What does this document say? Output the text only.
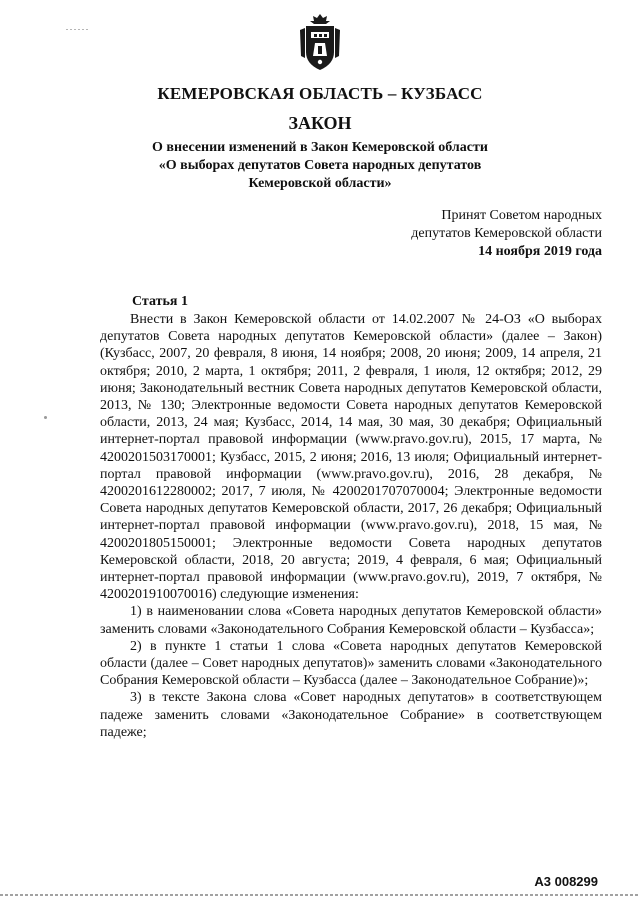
КЕМЕРОВСКАЯ ОБЛАСТЬ – КУЗБАСС
ЗАКОН
О внесении изменений в Закон Кемеровской области
«О выборах депутатов Совета народных депутатов
Кемеровской области»
Принят Советом народных
депутатов Кемеровской области
14 ноября 2019 года
Статья 1

Внести в Закон Кемеровской области от 14.02.2007 № 24-ОЗ «О выборах депутатов Совета народных депутатов Кемеровской области» (далее – Закон) (Кузбасс, 2007, 20 февраля, 8 июня, 14 ноября; 2008, 20 июня; 2009, 14 апреля, 21 октября; 2010, 2 марта, 1 октября; 2011, 2 февраля, 1 июля, 12 октября; 2012, 29 июня; Законодательный вестник Совета народных депутатов Кемеровской области, 2013, № 130; Электронные ведомости Совета народных депутатов Кемеровской области, 2013, 24 мая; Кузбасс, 2014, 14 мая, 30 мая, 30 декабря; Официальный интернет-портал правовой информации (www.pravo.gov.ru), 2015, 17 марта, № 4200201503170001; Кузбасс, 2015, 2 июня; 2016, 13 июля; Официальный интернет-портал правовой информации (www.pravo.gov.ru), 2016, 28 декабря, № 4200201612280002; 2017, 7 июля, № 4200201707070004; Электронные ведомости Совета народных депутатов Кемеровской области, 2017, 26 декабря; Официальный интернет-портал правовой информации (www.pravo.gov.ru), 2018, 15 мая, № 4200201805150001; Электронные ведомости Совета народных депутатов Кемеровской области, 2018, 20 августа; 2019, 4 февраля, 6 мая; Официальный интернет-портал правовой информации (www.pravo.gov.ru), 2019, 7 октября, № 4200201910070016) следующие изменения:

1) в наименовании слова «Совета народных депутатов Кемеровской области» заменить словами «Законодательного Собрания Кемеровской области – Кузбасса»;

2) в пункте 1 статьи 1 слова «Совета народных депутатов Кемеровской области (далее – Совет народных депутатов)» заменить словами «Законодательного Собрания Кемеровской области – Кузбасса (далее – Законодательное Собрание)»;

3) в тексте Закона слова «Совет народных депутатов» в соответствующем падеже заменить словами «Законодательное Собрание» в соответствующем падеже;

А3 008299
